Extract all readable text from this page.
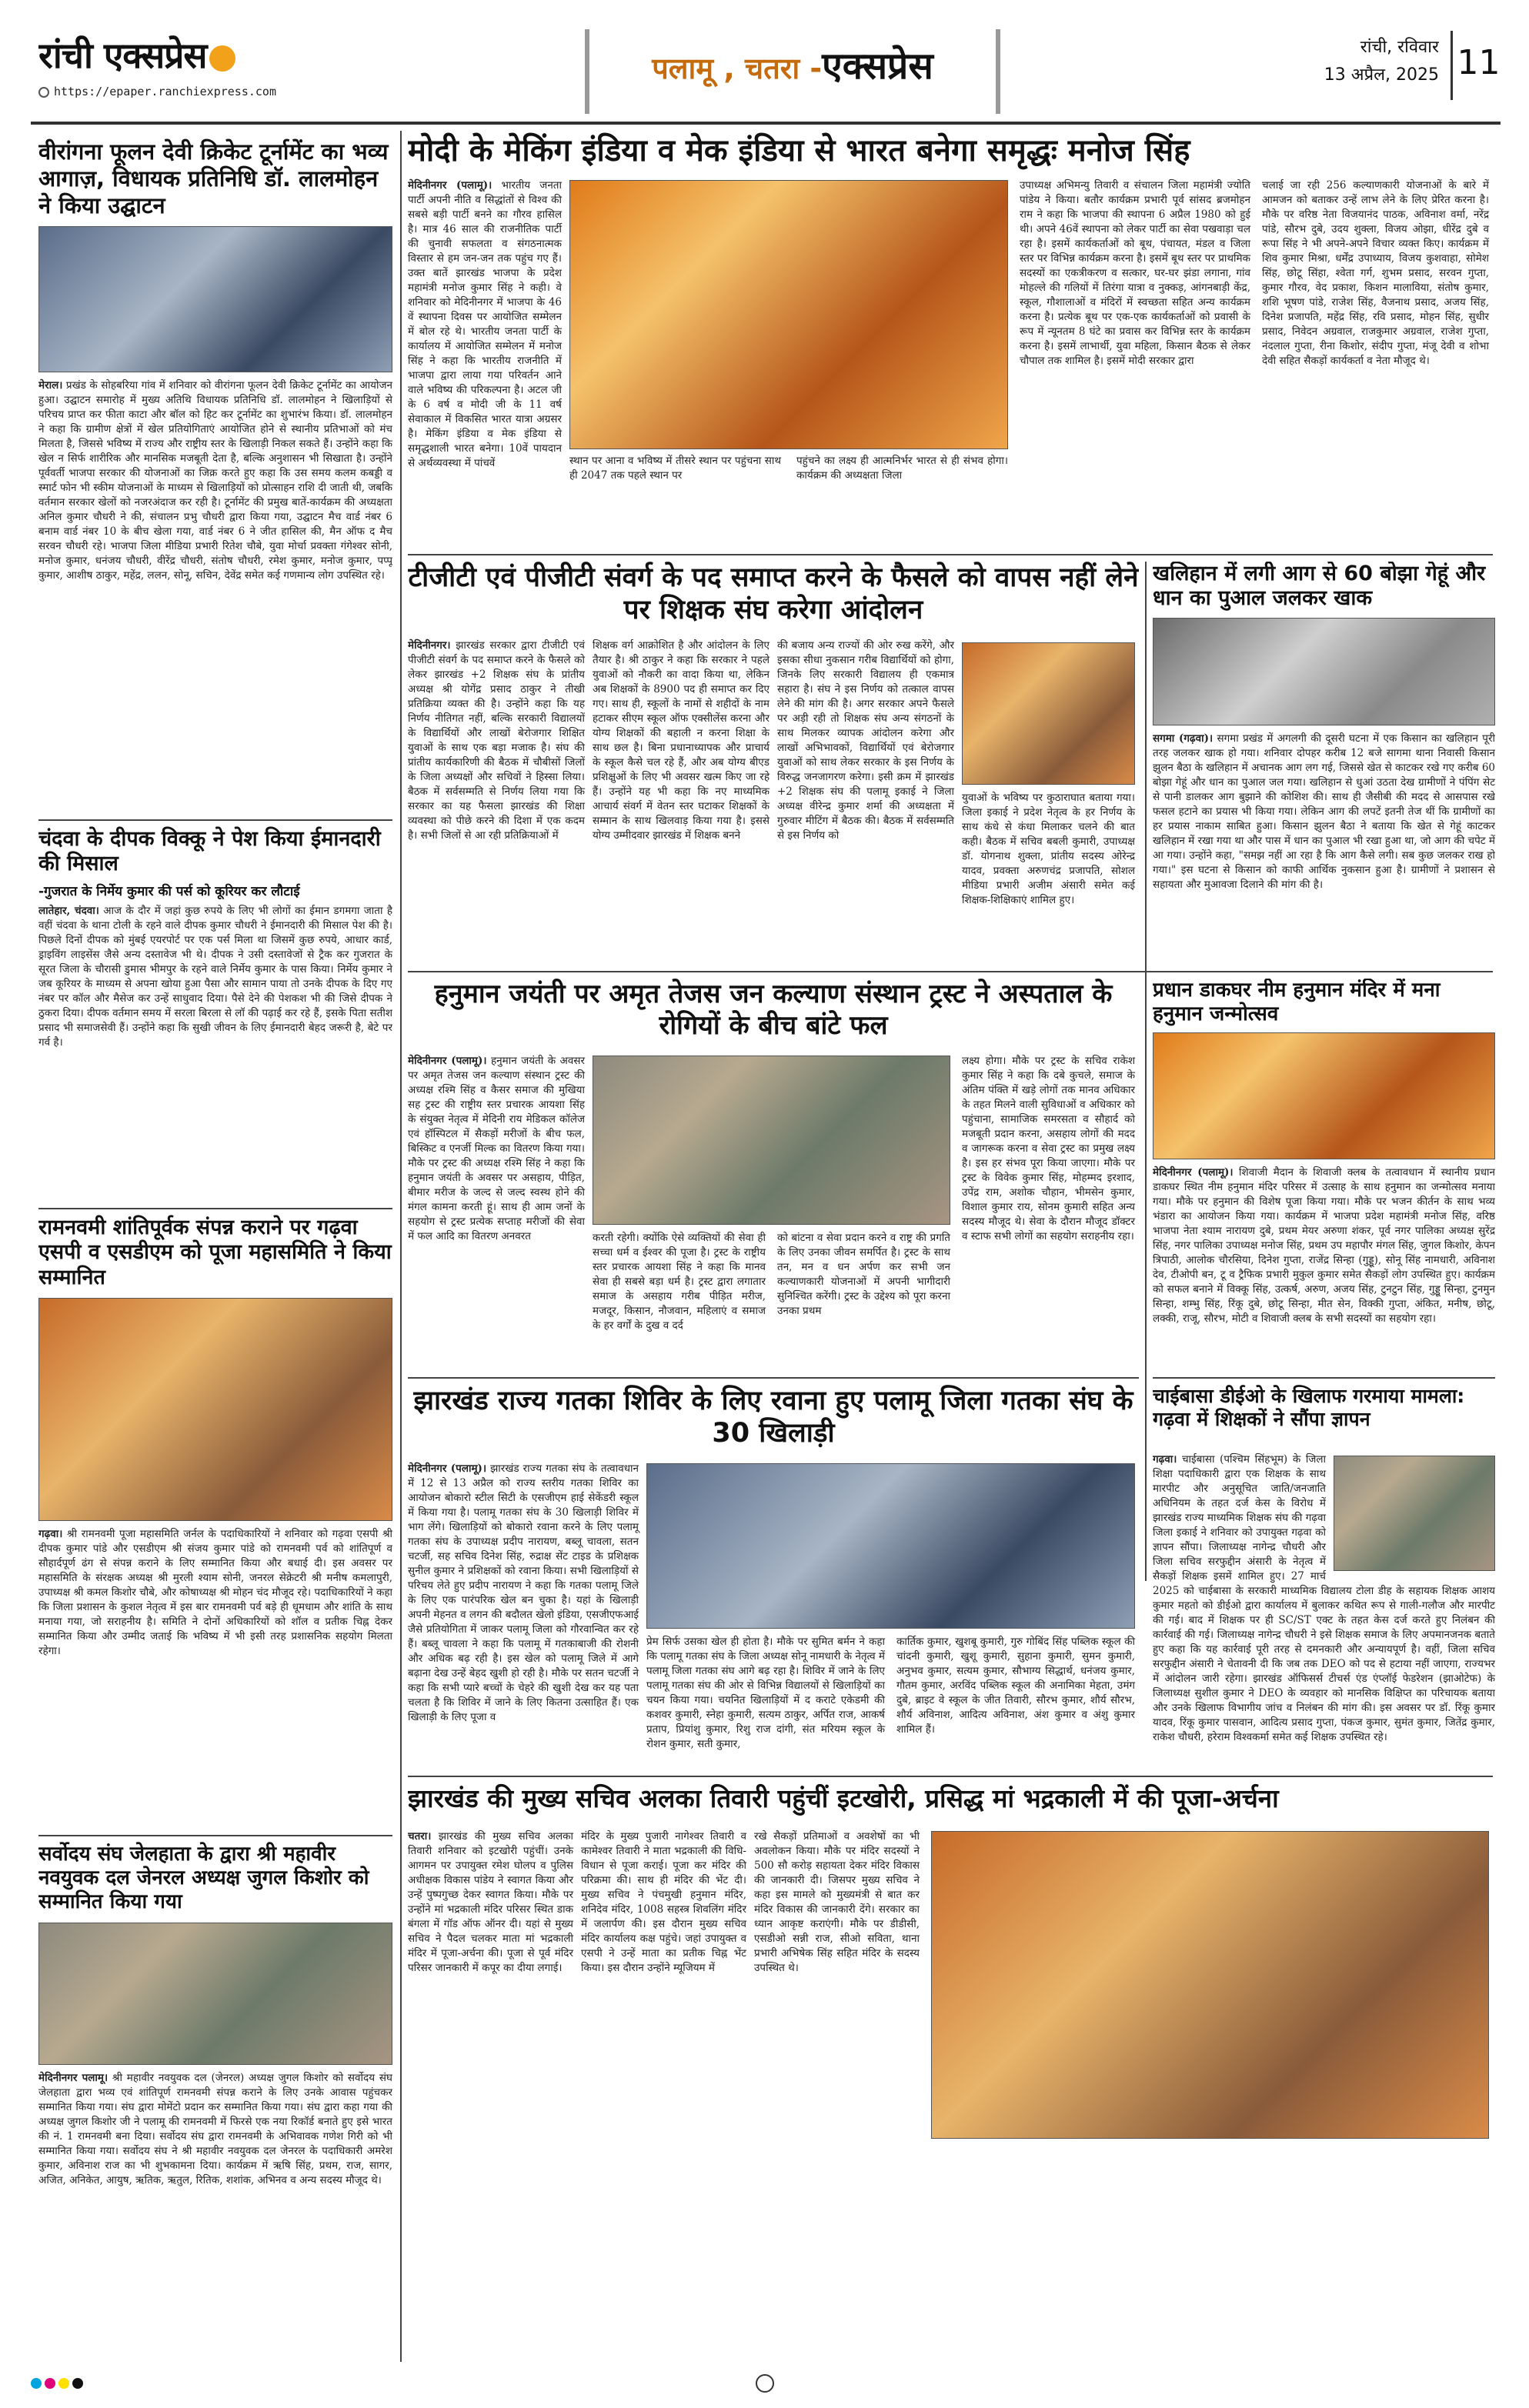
रांची एक्सप्रेस
https://epaper.ranchiexpress.com
पलामू , चतरा -एक्सप्रेस	रांची, रविवार
13 अप्रैल, 2025 11
वीरांगना फूलन देवी क्रिकेट टूर्नामेंट का भव्य आगाज़, विधायक प्रतिनिधि डॉ. लालमोहन ने किया उद्घाटन
मेराल। प्रखंड के सोहबरिया गांव में शनिवार को वीरांगना फूलन देवी क्रिकेट टूर्नामेंट का आयोजन हुआ। उद्घाटन समारोह में मुख्य अतिथि विधायक प्रतिनिधि डॉ. लालमोहन ने खिलाड़ियों से परिचय प्राप्त कर फीता काटा और बॉल को हिट कर टूर्नामेंट का शुभारंभ किया। डॉ. लालमोहन ने कहा कि ग्रामीण क्षेत्रों में खेल प्रतियोगिताएं आयोजित होने से स्थानीय प्रतिभाओं को मंच मिलता है, जिससे भविष्य में राज्य और राष्ट्रीय स्तर के खिलाड़ी निकल सकते हैं। उन्होंने कहा कि खेल न सिर्फ शारीरिक और मानसिक मजबूती देता है, बल्कि अनुशासन भी सिखाता है। उन्होंने पूर्ववर्ती भाजपा सरकार की योजनाओं का जिक्र करते हुए कहा कि उस समय कलम कबड्डी व स्मार्ट फोन भी स्कीम योजनाओं के माध्यम से खिलाड़ियों को प्रोत्साहन राशि दी जाती थी, जबकि वर्तमान सरकार खेलों को नजरअंदाज कर रही है। टूर्नामेंट की प्रमुख बातें-कार्यक्रम की अध्यक्षता अनिल कुमार चौधरी ने की, संचालन प्रभु चौधरी द्वारा किया गया, उद्घाटन मैच वार्ड नंबर 6 बनाम वार्ड नंबर 10 के बीच खेला गया, वार्ड नंबर 6 ने जीत हासिल की, मैन ऑफ द मैच सरवन चौधरी रहे। भाजपा जिला मीडिया प्रभारी रितेश चौबे, युवा मोर्चा प्रवक्ता गंगेश्वर सोनी, मनोज कुमार, धनंजय चौधरी, वीरेंद्र चौधरी, संतोष चौधरी, रमेश कुमार, मनोज कुमार, पप्पू कुमार, आशीष ठाकुर, महेंद्र, ललन, सोनू, सचिन, देवेंद्र समेत कई गणमान्य लोग उपस्थित रहे।
चंदवा के दीपक विक्कू ने पेश किया ईमानदारी की मिसाल
-गुजरात के निर्मेय कुमार की पर्स को कूरियर कर लौटाई
लातेहार, चंदवा। आज के दौर में जहां कुछ रुपये के लिए भी लोगों का ईमान डगमगा जाता है वहीं चंदवा के थाना टोली के रहने वाले दीपक कुमार चौधरी ने ईमानदारी की मिसाल पेश की है। पिछले दिनों दीपक को मुंबई एयरपोर्ट पर एक पर्स मिला था जिसमें कुछ रुपये, आधार कार्ड, ड्राइविंग लाइसेंस जैसे अन्य दस्तावेज भी थे। दीपक ने उसी दस्तावेजों से ट्रैक कर गुजरात के सूरत जिला के चौरासी डुमास भीमपुर के रहने वाले निर्मेय कुमार के पास किया। निर्मेय कुमार ने जब कूरियर के माध्यम से अपना खोया हुआ पैसा और सामान पाया तो उनके दीपक के दिए गए नंबर पर कॉल और मैसेज कर उन्हें साधुवाद दिया। पैसे देने की पेशकश भी की जिसे दीपक ने ठुकरा दिया। दीपक वर्तमान समय में सरला बिरला से लॉ की पढ़ाई कर रहे हैं, इसके पिता सतीश प्रसाद भी समाजसेवी हैं। उन्होंने कहा कि सुखी जीवन के लिए ईमानदारी बेहद जरूरी है, बेटे पर गर्व है।
रामनवमी शांतिपूर्वक संपन्न कराने पर गढ़वा एसपी व एसडीएम को पूजा महासमिति ने किया सम्मानित
गढ़वा। श्री रामनवमी पूजा महासमिति जर्नल के पदाधिकारियों ने शनिवार को गढ़वा एसपी श्री दीपक कुमार पांडे और एसडीएम श्री संजय कुमार पांडे को रामनवमी पर्व को शांतिपूर्ण व सौहार्दपूर्ण ढंग से संपन्न कराने के लिए सम्मानित किया और बधाई दी। इस अवसर पर महासमिति के संरक्षक अध्यक्ष श्री मुरली श्याम सोनी, जनरल सेक्रेटरी श्री मनीष कमलापुरी, उपाध्यक्ष श्री कमल किशोर चौबे, और कोषाध्यक्ष श्री मोहन चंद मौजूद रहे। पदाधिकारियों ने कहा कि जिला प्रशासन के कुशल नेतृत्व में इस बार रामनवमी पर्व बड़े ही धूमधाम और शांति के साथ मनाया गया, जो सराहनीय है। समिति ने दोनों अधिकारियों को शॉल व प्रतीक चिह्न देकर सम्मानित किया और उम्मीद जताई कि भविष्य में भी इसी तरह प्रशासनिक सहयोग मिलता रहेगा।
सर्वोदय संघ जेलहाता के द्वारा श्री महावीर नवयुवक दल जेनरल अध्यक्ष जुगल किशोर को सम्मानित किया गया
मेदिनीनगर पलामू। श्री महावीर नवयुवक दल (जेनरल) अध्यक्ष जुगल किशोर को सर्वोदय संघ जेलहाता द्वारा भव्य एवं शांतिपूर्ण रामनवमी संपन्न कराने के लिए उनके आवास पहुंचकर सम्मानित किया गया। संघ द्वारा मोमेंटो प्रदान कर सम्मानित किया गया। संघ द्वारा कहा गया की अध्यक्ष जुगल किशोर जी ने पलामू की रामनवमी में फिरसे एक नया रिकॉर्ड बनाते हुए इसे भारत की नं. 1 रामनवमी बना दिया। सर्वोदय संघ द्वारा रामनवमी के अभिवावक गणेश गिरी को भी सम्मानित किया गया। सर्वोदय संघ ने श्री महावीर नवयुवक दल जेनरल के पदाधिकारी अमरेश कुमार, अविनाश राज का भी शुभकामना दिया। कार्यक्रम में ऋषि सिंह, प्रथम, राज, सागर, अजित, अनिकेत, आयुष, ऋतिक, ऋतुल, रितिक, शशांक, अभिनव व अन्य सदस्य मौजूद थे।
मोदी के मेकिंग इंडिया व मेक इंडिया से भारत बनेगा समृद्धः मनोज सिंह
मेदिनीनगर (पलामू)। भारतीय जनता पार्टी अपनी नीति व सिद्धांतों से विश्व की सबसे बड़ी पार्टी बनने का गौरव हासिल है। मात्र 46 साल की राजनीतिक पार्टी की चुनावी सफलता व संगठनात्मक विस्तार से हम जन-जन तक पहुंच गए हैं। उक्त बातें झारखंड भाजपा के प्रदेश महामंत्री मनोज कुमार सिंह ने कही। वे शनिवार को मेदिनीनगर में भाजपा के 46 वें स्थापना दिवस पर आयोजित सम्मेलन में बोल रहे थे। भारतीय जनता पार्टी के कार्यालय में आयोजित सम्मेलन में मनोज सिंह ने कहा कि भारतीय राजनीति में भाजपा द्वारा लाया गया परिवर्तन आने वाले भविष्य की परिकल्पना है। अटल जी के 6 वर्ष व मोदी जी के 11 वर्ष सेवाकाल में विकसित भारत यात्रा अग्रसर है। मेकिंग इंडिया व मेक इंडिया से समृद्धशाली भारत बनेगा। 10वें पायदान से अर्थव्यवस्था में पांचवें	स्थान पर आना व भविष्य में तीसरे स्थान पर पहुंचना साथ ही 2047 तक पहले स्थान पर
पहुंचने का लक्ष्य ही आत्मनिर्भर भारत से ही संभव होगा। कार्यक्रम की अध्यक्षता जिला
उपाध्यक्ष अभिमन्यु तिवारी व संचालन जिला महामंत्री ज्योति पांडेय ने किया। बतौर कार्यक्रम प्रभारी पूर्व सांसद ब्रजमोहन राम ने कहा कि भाजपा की स्थापना 6 अप्रैल 1980 को हुई थी। अपने 46वें स्थापना को लेकर पार्टी का सेवा पखवाड़ा चल रहा है। इसमें कार्यकर्ताओं को बूथ, पंचायत, मंडल व जिला स्तर पर विभिन्न कार्यक्रम करना है। इसमें बूथ स्तर पर प्राथमिक सदस्यों का एकत्रीकरण व सत्कार, घर-घर झंडा लगाना, गांव मोहल्ले की गलियों में तिरंगा यात्रा व नुक्कड़, आंगनबाड़ी केंद्र, स्कूल, गौशालाओं व मंदिरों में स्वच्छता सहित अन्य कार्यक्रम करना है। प्रत्येक बूथ पर एक-एक कार्यकर्ताओं को प्रवासी के रूप में न्यूनतम 8 घंटे का प्रवास कर विभिन्न स्तर के कार्यक्रम करना है। इसमें लाभार्थी, युवा महिला, किसान बैठक से लेकर चौपाल तक शामिल है। इसमें मोदी सरकार द्वारा
चलाई जा रही 256 कल्याणकारी योजनाओं के बारे में आमजन को बताकर उन्हें लाभ लेने के लिए प्रेरित करना है। मौके पर वरिष्ठ नेता विजयानंद पाठक, अविनाश वर्मा, नरेंद्र पांडे, सौरभ दुबे, उदय शुक्ला, विजय ओझा, धीरेंद्र दुबे व रूपा सिंह ने भी अपने-अपने विचार व्यक्त किए। कार्यक्रम में शिव कुमार मिश्रा, धर्मेंद्र उपाध्याय, विजय कुशवाहा, सोमेश सिंह, छोटू सिंहा, श्वेता गर्ग, शुभम प्रसाद, सरवन गुप्ता, कुमार गौरव, वेद प्रकाश, किशन मालाविया, संतोष कुमार, शशि भूषण पांडे, राजेश सिंह, वैजनाथ प्रसाद, अजय सिंह, दिनेश प्रजापति, महेंद्र सिंह, रवि प्रसाद, मोहन सिंह, सुधीर प्रसाद, निवेदन अग्रवाल, राजकुमार अग्रवाल, राजेश गुप्ता, नंदलाल गुप्ता, रीना किशोर, संदीप गुप्ता, मंजू देवी व शोभा देवी सहित सैकड़ों कार्यकर्ता व नेता मौजूद थे।
टीजीटी एवं पीजीटी संवर्ग के पद समाप्त करने के फैसले को वापस नहीं लेने पर शिक्षक संघ करेगा आंदोलन
मेदिनीनगर। झारखंड सरकार द्वारा टीजीटी एवं पीजीटी संवर्ग के पद समाप्त करने के फैसले को लेकर झारखंड +2 शिक्षक संघ के प्रांतीय अध्यक्ष श्री योगेंद्र प्रसाद ठाकुर ने तीखी प्रतिक्रिया व्यक्त की है। उन्होंने कहा कि यह निर्णय नीतिगत नहीं, बल्कि सरकारी विद्यालयों के विद्यार्थियों और लाखों बेरोजगार शिक्षित युवाओं के साथ एक बड़ा मजाक है। संघ की प्रांतीय कार्यकारिणी की बैठक में चौबीसों जिलों के जिला अध्यक्षों और सचिवों ने हिस्सा लिया। बैठक में सर्वसम्मति से निर्णय लिया गया कि सरकार का यह फैसला झारखंड की शिक्षा व्यवस्था को पीछे करने की दिशा में एक कदम है। सभी जिलों से आ रही प्रतिक्रियाओं में
शिक्षक वर्ग आक्रोशित है और आंदोलन के लिए तैयार है। श्री ठाकुर ने कहा कि सरकार ने पहले युवाओं को नौकरी का वादा किया था, लेकिन अब शिक्षकों के 8900 पद ही समाप्त कर दिए गए। साथ ही, स्कूलों के नामों से शहीदों के नाम हटाकर सीएम स्कूल ऑफ एक्सीलेंस करना और योग्य शिक्षकों की बहाली न करना शिक्षा के साथ छल है। बिना प्रधानाध्यापक और प्राचार्य के स्कूल कैसे चल रहे हैं, और अब योग्य बीएड प्रशिक्षुओं के लिए भी अवसर खत्म किए जा रहे हैं। उन्होंने यह भी कहा कि नए माध्यमिक आचार्य संवर्ग में वेतन स्तर घटाकर शिक्षकों के सम्मान के साथ खिलवाड़ किया गया है। इससे योग्य उम्मीदवार झारखंड में शिक्षक बनने
की बजाय अन्य राज्यों की ओर रुख करेंगे, और इसका सीधा नुकसान गरीब विद्यार्थियों को होगा, जिनके लिए सरकारी विद्यालय ही एकमात्र सहारा है। संघ ने इस निर्णय को तत्काल वापस लेने की मांग की है। अगर सरकार अपने फैसले पर अड़ी रही तो शिक्षक संघ अन्य संगठनों के साथ मिलकर व्यापक आंदोलन करेगा और लाखों अभिभावकों, विद्यार्थियों एवं बेरोजगार युवाओं को साथ लेकर सरकार के इस निर्णय के विरुद्ध जनजागरण करेगा। इसी क्रम में झारखंड +2 शिक्षक संघ की पलामू इकाई ने जिला अध्यक्ष वीरेन्द्र कुमार शर्मा की अध्यक्षता में गुरुवार मीटिंग में बैठक की। बैठक में सर्वसम्मति से इस निर्णय को
युवाओं के भविष्य पर कुठाराघात बताया गया। जिला इकाई ने प्रदेश नेतृत्व के हर निर्णय के साथ कंधे से कंधा मिलाकर चलने की बात कही। बैठक में सचिव बबली कुमारी, उपाध्यक्ष डॉ. योगनाथ शुक्ला, प्रांतीय सदस्य ओरेन्द्र यादव, प्रवक्ता अरुणचंद्र प्रजापति, सोशल मीडिया प्रभारी अजीम अंसारी समेत कई शिक्षक-शिक्षिकाएं शामिल हुए।
खलिहान में लगी आग से 60 बोझा गेहूं और धान का पुआल जलकर खाक
सगमा (गढ़वा)। सगमा प्रखंड में अगलगी की दूसरी घटना में एक किसान का खलिहान पूरी तरह जलकर खाक हो गया। शनिवार दोपहर करीब 12 बजे सागमा थाना निवासी किसान झुलन बैठा के खलिहान में अचानक आग लग गई, जिससे खेत से काटकर रखे गए करीब 60 बोझा गेहूं और धान का पुआल जल गया। खलिहान से धुआं उठता देख ग्रामीणों ने पंपिंग सेट से पानी डालकर आग बुझाने की कोशिश की। साथ ही जैसीबी की मदद से आसपास रखे फसल हटाने का प्रयास भी किया गया। लेकिन आग की लपटें इतनी तेज थीं कि ग्रामीणों का हर प्रयास नाकाम साबित हुआ। किसान झुलन बैठा ने बताया कि खेत से गेहूं काटकर खलिहान में रखा गया था और पास में धान का पुआल भी रखा हुआ था, जो आग की चपेट में आ गया। उन्होंने कहा, "समझ नहीं आ रहा है कि आग कैसे लगी। सब कुछ जलकर राख हो गया।" इस घटना से किसान को काफी आर्थिक नुकसान हुआ है। ग्रामीणों ने प्रशासन से सहायता और मुआवजा दिलाने की मांग की है।
हनुमान जयंती पर अमृत तेजस जन कल्याण संस्थान ट्रस्ट ने अस्पताल के रोगियों के बीच बांटे फल
मेदिनीनगर (पलामू)। हनुमान जयंती के अवसर पर अमृत तेजस जन कल्याण संस्थान ट्रस्ट की अध्यक्ष रश्मि सिंह व कैसर समाज की मुखिया सह ट्रस्ट की राष्ट्रीय स्तर प्रचारक आयशा सिंह के संयुक्त नेतृत्व में मेदिनी राय मेडिकल कॉलेज एवं हॉस्पिटल में सैकड़ों मरीजों के बीच फल, बिस्किट व एनर्जी मिल्क का वितरण किया गया। मौके पर ट्रस्ट की अध्यक्ष रश्मि सिंह ने कहा कि हनुमान जयंती के अवसर पर असहाय, पीड़ित, बीमार मरीज के जल्द से जल्द स्वस्थ होने की मंगल कामना करती हूं। साथ ही आम जनों के सहयोग से ट्रस्ट प्रत्येक सप्ताह मरीजों की सेवा में फल आदि का वितरण अनवरत	करती रहेगी। क्योंकि ऐसे व्यक्तियों की सेवा ही सच्चा धर्म व ईश्वर की पूजा है। ट्रस्ट के राष्ट्रीय स्तर प्रचारक आयशा सिंह ने कहा कि मानव सेवा ही सबसे बड़ा धर्म है। ट्रस्ट द्वारा लगातार समाज के असहाय गरीब पीड़ित मरीज, मजदूर, किसान, नौजवान, महिलाएं व समाज के हर वर्गों के दुख व दर्द
को बांटना व सेवा प्रदान करने व राष्ट्र की प्रगति के लिए उनका जीवन समर्पित है। ट्रस्ट के साथ तन, मन व धन अर्पण कर सभी जन कल्याणकारी योजनाओं में अपनी भागीदारी सुनिश्चित करेंगी। ट्रस्ट के उद्देश्य को पूरा करना उनका प्रथम
लक्ष्य होगा। मौके पर ट्रस्ट के सचिव राकेश कुमार सिंह ने कहा कि दबे कुचले, समाज के अंतिम पंक्ति में खड़े लोगों तक मानव अधिकार के तहत मिलने वाली सुविधाओं व अधिकार को पहुंचाना, सामाजिक समरसता व सौहार्द को मजबूती प्रदान करना, असहाय लोगों की मदद व जागरूक करना व सेवा ट्रस्ट का प्रमुख लक्ष्य है। इस हर संभव पूरा किया जाएगा। मौके पर ट्रस्ट के विवेक कुमार सिंह, मोहम्मद इरशाद, उपेंद्र राम, अशोक चौहान, भीमसेन कुमार, विशाल कुमार राय, सोनम कुमारी सहित अन्य सदस्य मौजूद थे। सेवा के दौरान मौजूद डॉक्टर व स्टाफ सभी लोगों का सहयोग सराहनीय रहा।
प्रधान डाकघर नीम हनुमान मंदिर में मना हनुमान जन्मोत्सव
मेदिनीनगर (पलामू)। शिवाजी मैदान के शिवाजी क्लब के तत्वावधान में स्थानीय प्रधान डाकघर स्थित नीम हनुमान मंदिर परिसर में उत्साह के साथ हनुमान का जन्मोत्सव मनाया गया। मौके पर हनुमान की विशेष पूजा किया गया। मौके पर भजन कीर्तन के साथ भव्य भंडारा का आयोजन किया गया। कार्यक्रम में भाजपा प्रदेश महामंत्री मनोज सिंह, वरिष्ठ भाजपा नेता श्याम नारायण दुबे, प्रथम मेयर अरुणा शंकर, पूर्व नगर पालिका अध्यक्ष सुरेंद्र सिंह, नगर पालिका उपाध्यक्ष मनोज सिंह, प्रथम उप महापौर मंगल सिंह, जुगल किशोर, केपन त्रिपाठी, आलोक चौरसिया, दिनेश गुप्ता, राजेंद्र सिन्हा (गुड्डू), सोनू सिंह नामधारी, अविनाश देव, टीओपी बन, टू व ट्रैफिक प्रभारी मुकुल कुमार समेत सैकड़ों लोग उपस्थित हुए। कार्यक्रम को सफल बनाने में विक्कू सिंह, उत्कर्ष, अरुण, अजय सिंह, टुनटुन सिंह, गुड्डू सिन्हा, टुनमुन सिन्हा, शम्भु सिंह, रिंकू दुबे, छोटू सिन्हा, मीत सेन, विक्की गुप्ता, अंकित, मनीष, छोटू, लक्की, राजू, सौरभ, मोटी व शिवाजी क्लब के सभी सदस्यों का सहयोग रहा।
झारखंड राज्य गतका शिविर के लिए रवाना हुए पलामू जिला गतका संघ के 30 खिलाड़ी
मेदिनीनगर (पलामू)। झारखंड राज्य गतका संघ के तत्वावधान में 12 से 13 अप्रैल को राज्य स्तरीय गतका शिविर का आयोजन बोकारो स्टील सिटी के एसजीएम हाई सेकेंडरी स्कूल में किया गया है। पलामू गतका संघ के 30 खिलाड़ी शिविर में भाग लेंगे। खिलाड़ियों को बोकारो रवाना करने के लिए पलामू गतका संघ के उपाध्यक्ष प्रदीप नारायण, बब्लू चावला, सतन चटर्जी, सह सचिव दिनेश सिंह, रुद्राक्ष सेंट टाइड के प्रशिक्षक सुनील कुमार ने प्रशिक्षकों को रवाना किया। सभी खिलाड़ियों से परिचय लेते हुए प्रदीप नारायण ने कहा कि गतका पलामू जिले के लिए एक पारंपरिक खेल बन चुका है। यहां के खिलाड़ी अपनी मेहनत व लगन की बदौलत खेलो इंडिया, एसजीएफआई जैसे प्रतियोगिता में जाकर पलामू जिला को गौरवान्वित कर रहे हैं। बब्लू चावला ने कहा कि पलामू में गतकाबाजी की रोशनी और अधिक बढ़ रही है। इस खेल को पलामू जिले में आगे बढ़ाना देख उन्हें बेहद खुशी हो रही है। मौके पर सतन चटर्जी ने कहा कि सभी प्यारे बच्चों के चेहरे की खुशी देख कर यह पता चलता है कि शिविर में जाने के लिए कितना उत्साहित हैं। एक खिलाड़ी के लिए पूजा व
प्रेम सिर्फ उसका खेल ही होता है। मौके पर सुमित बर्मन ने कहा कि पलामू गतका संघ के जिला अध्यक्ष सोनू नामधारी के नेतृत्व में पलामू जिला गतका संघ आगे बढ़ रहा है। शिविर में जाने के लिए पलामू गतका संघ की ओर से विभिन्न विद्यालयों से खिलाड़ियों का चयन किया गया। चयनित खिलाड़ियों में द कराटे एकेडमी की कशवर कुमारी, स्नेहा कुमारी, सत्यम ठाकुर, अर्पित राज, आकर्ष प्रताप, प्रियांशु कुमार, रिशु राज दांगी, संत मरियम स्कूल के रोशन कुमार, सती कुमार,
कार्तिक कुमार, खुशबू कुमारी, गुरु गोबिंद सिंह पब्लिक स्कूल की चांदनी कुमारी, खुशू कुमारी, सुहाना कुमारी, सुमन कुमारी, अनुभव कुमार, सत्यम कुमार, सौभाग्य सिद्धार्थ, धनंजय कुमार, गौतम कुमार, अरविंद पब्लिक स्कूल की अनामिका मेहता, उमंग दुबे, ब्राइट वे स्कूल के जीत तिवारी, सौरभ कुमार, शौर्य सौरभ, शौर्य अविनाश, आदित्य अविनाश, अंश कुमार व अंशु कुमार शामिल हैं।
चाईबासा डीईओ के खिलाफ गरमाया मामला: गढ़वा में शिक्षकों ने सौंपा ज्ञापन
गढ़वा। चाईबासा (पश्चिम सिंहभूम) के जिला शिक्षा पदाधिकारी द्वारा एक शिक्षक के साथ मारपीट और अनुसूचित जाति/जनजाति अधिनियम के तहत दर्ज केस के विरोध में झारखंड राज्य माध्यमिक शिक्षक संघ की गढ़वा जिला इकाई ने शनिवार को उपायुक्त गढ़वा को ज्ञापन सौंपा। जिलाध्यक्ष नागेन्द्र चौधरी और जिला सचिव सरफुद्दीन अंसारी के नेतृत्व में सैकड़ों शिक्षक इसमें शामिल हुए। 27 मार्च 2025 को चाईबासा के सरकारी माध्यमिक विद्यालय टोला डीह के सहायक शिक्षक आशय कुमार महतो को डीईओ द्वारा कार्यालय में बुलाकर कथित रूप से गाली-गलौज और मारपीट की गई। बाद में शिक्षक पर ही SC/ST एक्ट के तहत केस दर्ज करते हुए निलंबन की कार्रवाई की गई। जिलाध्यक्ष नागेन्द्र चौधरी ने इसे शिक्षक समाज के लिए अपमानजनक बताते हुए कहा कि यह कार्रवाई पूरी तरह से दमनकारी और अन्यायपूर्ण है। वहीं, जिला सचिव सरफुद्दीन अंसारी ने चेतावनी दी कि जब तक DEO को पद से हटाया नहीं जाएगा, राज्यभर में आंदोलन जारी रहेगा। झारखंड ऑफिसर्स टीचर्स एंड एंप्लॉई फेडरेशन (झाओटेफ) के जिलाध्यक्ष सुशील कुमार ने DEO के व्यवहार को मानसिक विक्षिप्त का परिचायक बताया और उनके खिलाफ विभागीय जांच व निलंबन की मांग की। इस अवसर पर डॉ. रिंकू कुमार यादव, रिंकू कुमार पासवान, आदित्य प्रसाद गुप्ता, पंकज कुमार, सुमंत कुमार, जितेंद्र कुमार, राकेश चौधरी, हरेराम विश्वकर्मा समेत कई शिक्षक उपस्थित रहे।
झारखंड की मुख्य सचिव अलका तिवारी पहुंचीं इटखोरी, प्रसिद्ध मां भद्रकाली में की पूजा-अर्चना
चतरा। झारखंड की मुख्य सचिव अलका तिवारी शनिवार को इटखोरी पहुंचीं। उनके आगमन पर उपायुक्त रमेश घोलप व पुलिस अधीक्षक विकास पांडेय ने स्वागत किया और उन्हें पुष्पगुच्छ देकर स्वागत किया। मौके पर उन्होंने मां भद्रकाली मंदिर परिसर स्थित डाक बंगला में गॉड ऑफ ऑनर दी। यहां से मुख्य सचिव ने पैदल चलकर माता मां भद्रकाली मंदिर में पूजा-अर्चना की। पूजा से पूर्व मंदिर परिसर जानकारी में कपूर का दीया लगाई।
मंदिर के मुख्य पुजारी नागेश्वर तिवारी व कामेश्वर तिवारी ने माता भद्रकाली की विधि-विधान से पूजा कराई। पूजा कर मंदिर की परिक्रमा की। साथ ही मंदिर की भेंट दी। मुख्य सचिव ने पंचमुखी हनुमान मंदिर, शनिदेव मंदिर, 1008 सहस्त्र शिवलिंग मंदिर में जलार्पण की। इस दौरान मुख्य सचिव मंदिर कार्यालय कक्ष पहुंचे। जहां उपायुक्त व एसपी ने उन्हें माता का प्रतीक चिह्न भेंट किया। इस दौरान उन्होंने म्यूजियम में
रखे सैकड़ों प्रतिमाओं व अवशेषों का भी अवलोकन किया। मौके पर मंदिर सदस्यों ने 500 सौ करोड़ सहायता देकर मंदिर विकास की जानकारी दी। जिसपर मुख्य सचिव ने कहा इस मामले को मुख्यमंत्री से बात कर मंदिर विकास की जानकारी देंगे। सरकार का ध्यान आकृष्ट कराएंगी। मौके पर डीडीसी, एसडीओ सन्नी राज, सीओ सविता, थाना प्रभारी अभिषेक सिंह सहित मंदिर के सदस्य उपस्थित थे।
